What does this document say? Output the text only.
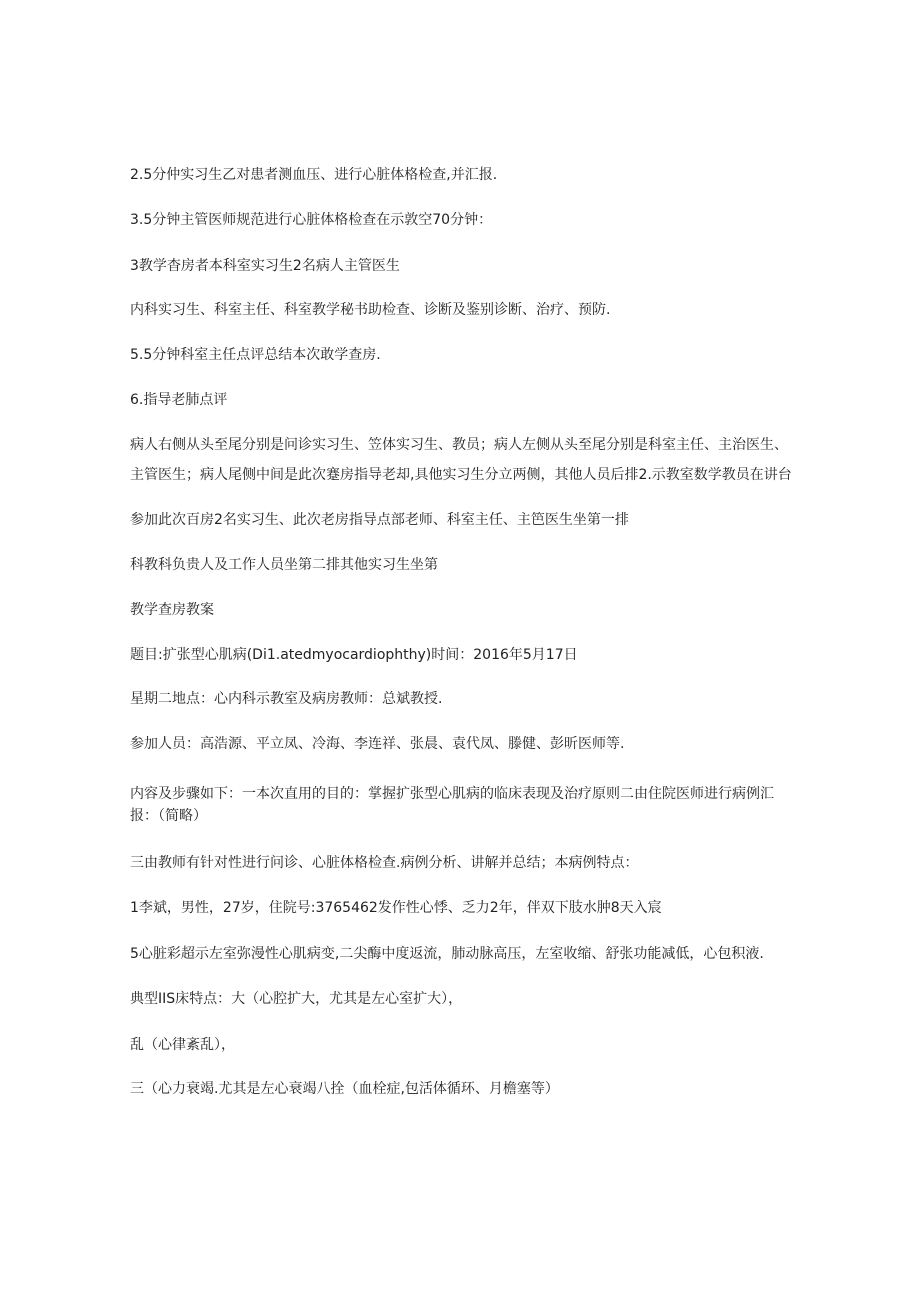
2.5分仲实习生乙对患者测血压、进行心脏体格检查,并汇报.
3.5分钟主管医师规范进行心脏体格检查在示敦空70分钟：
3教学杳房者本科室实习生2名病人主管医生
内科实习生、科室主任、科室教学秘书助检查、诊断及鉴别诊断、治疗、预防.
5.5分钟科室主任点评总结本次敢学查房.
6.指导老肺点评
病人右侧从头至尾分别是问诊实习生、笠体实习生、教员；病人左侧从头至尾分别是科室主任、主治医生、
主管医生；病人尾侧中间是此次蹇房指导老却,具他实习生分立两侧，其他人员后排2.示教室数学教员在讲台
参加此次百房2名实习生、此次老房指导点部老师、科室主任、主笆医生坐第一排
科教科负贵人及工作人员坐第二排其他实习生坐第
教学查房教案
题目:扩张型心肌病(Di1.atedmyocardiophthy)时间：2016年5月17日
星期二地点：心内科示教室及病房教师：总斌教授.
参加人员：高浩源、平立凤、冷海、李连祥、张晨、袁代凤、滕健、彭昕医师等.
内容及步骤如下：一本次直用的目的：掌握扩张型心肌病的临床表现及治疗原则二由住院医师进行病例汇
报：（简略）
三由教师有针对性进行问诊、心脏体格检查.病例分析、讲解并总结；本病例特点：
1李斌，男性，27岁，住院号:3765462发作性心悸、乏力2年，伴双下肢水肿8天入宸
5心脏彩超示左室弥漫性心肌病变,二尖酶中度返流，肺动脉高压，左室收缩、舒张功能减低，心包积液.
典型IIS床特点：大（心腔扩大，尤其是左心室扩大），
乱（心律紊乱），
三（心力衰竭.尤其是左心衰竭八拴（血栓症,包活体循环、月檐塞等）
